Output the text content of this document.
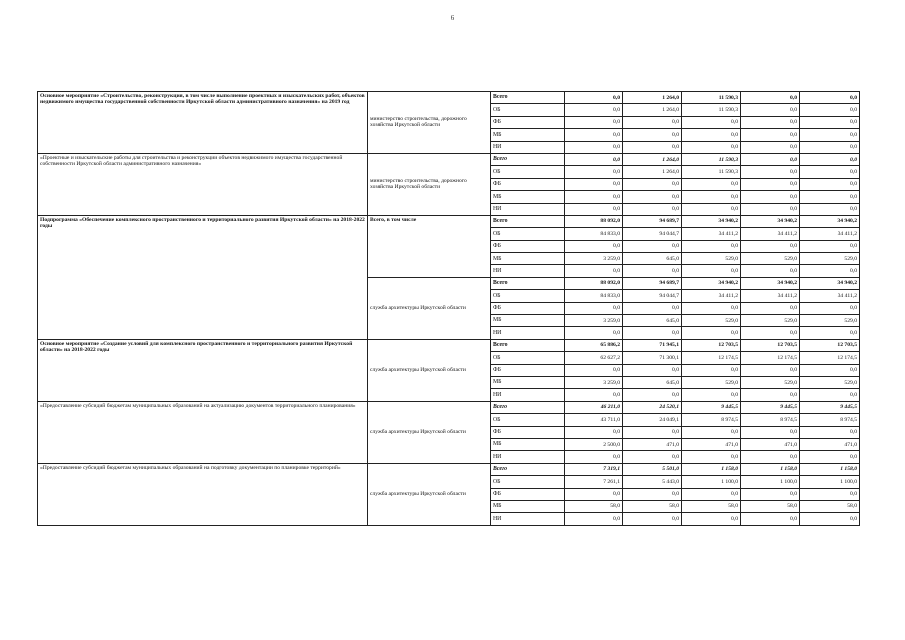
6
Основное мероприятие «Строительство, реконструкция, в том числе выполнение проектных и изыскательских работ, объектов недвижимого имущества государственной собственности Иркутской области административного назначения» на 2019 год	министерство строительства, дорожного хозяйства Иркутской области	Всего	0,0	1 264,0	11 590,3	0,0	0,0
		ОБ	0,0	1 264,0	11 590,3	0,0	0,0
		ФБ	0,0	0,0	0,0	0,0	0,0
		МБ	0,0	0,0	0,0	0,0	0,0
		НИ	0,0	0,0	0,0	0,0	0,0
«Проектные и изыскательские работы для строительства и реконструкции объектов недвижимого имущества государственной собственности Иркутской области административного назначения»	министерство строительства, дорожного хозяйства Иркутской области	Всего	0,0	1 264,0	11 590,3	0,0	0,0
		ОБ	0,0	1 264,0	11 590,3	0,0	0,0
		ФБ	0,0	0,0	0,0	0,0	0,0
		МБ	0,0	0,0	0,0	0,0	0,0
		НИ	0,0	0,0	0,0	0,0	0,0
Подпрограмма «Обеспечение комплексного пространственного и территориального развития Иркутской области» на 2018-2022 годы	Всего, в том числе	Всего	88 092,0	94 689,7	34 940,2	34 940,2	34 940,2
		ОБ	84 833,0	94 044,7	34 411,2	34 411,2	34 411,2
		ФБ	0,0	0,0	0,0	0,0	0,0
		МБ	3 259,0	645,0	529,0	529,0	529,0
		НИ	0,0	0,0	0,0	0,0	0,0
	служба архитектуры Иркутской области	Всего	88 092,0	94 689,7	34 940,2	34 940,2	34 940,2
		ОБ	84 833,0	94 044,7	34 411,2	34 411,2	34 411,2
		ФБ	0,0	0,0	0,0	0,0	0,0
		МБ	3 259,0	645,0	529,0	529,0	529,0
		НИ	0,0	0,0	0,0	0,0	0,0
Основное мероприятие «Создание условий для комплексного пространственного и территориального развития Иркутской области» на 2018-2022 годы	служба архитектуры Иркутской области	Всего	65 886,2	71 945,1	12 703,5	12 703,5	12 703,5
		ОБ	62 627,2	71 300,1	12 174,5	12 174,5	12 174,5
		ФБ	0,0	0,0	0,0	0,0	0,0
		МБ	3 259,0	645,0	529,0	529,0	529,0
		НИ	0,0	0,0	0,0	0,0	0,0
«Предоставление субсидий бюджетам муниципальных образований на актуализацию документов территориального планирования»	служба архитектуры Иркутской области	Всего	46 211,0	24 520,1	9 445,5	9 445,5	9 445,5
		ОБ	43 711,0	24 049,1	8 974,5	8 974,5	8 974,5
		ФБ	0,0	0,0	0,0	0,0	0,0
		МБ	2 500,0	471,0	471,0	471,0	471,0
		НИ	0,0	0,0	0,0	0,0	0,0
«Предоставление субсидий бюджетам муниципальных образований на подготовку документации по планировке территорий»	служба архитектуры Иркутской области	Всего	7 319,1	5 501,0	1 158,0	1 158,0	1 158,0
		ОБ	7 261,1	5 443,0	1 100,0	1 100,0	1 100,0
		ФБ	0,0	0,0	0,0	0,0	0,0
		МБ	58,0	58,0	58,0	58,0	58,0
		НИ	0,0	0,0	0,0	0,0	0,0
